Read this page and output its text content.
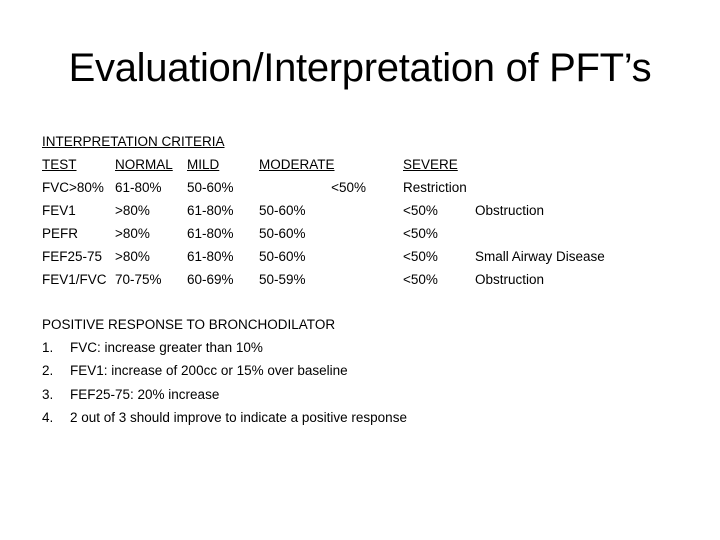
Evaluation/Interpretation of PFT’s
INTERPRETATION CRITERIA
TEST	NORMAL MILD	MODERATE	SEVERE
FVC>80% 61-80% 50-60%	<50%	Restriction
FEV1	>80%	61-80% 50-60%	<50%	Obstruction
PEFR	>80%	61-80% 50-60%	<50%
FEF25-75 >80%	61-80% 50-60%	<50%	Small Airway Disease
FEV1/FVC 70-75% 60-69% 50-59%	<50%	Obstruction
POSITIVE RESPONSE TO BRONCHODILATOR
1. FVC: increase greater than 10%
2. FEV1: increase of 200cc or 15% over baseline
3. FEF25-75: 20% increase
4. 2 out of 3 should improve to indicate a positive response
